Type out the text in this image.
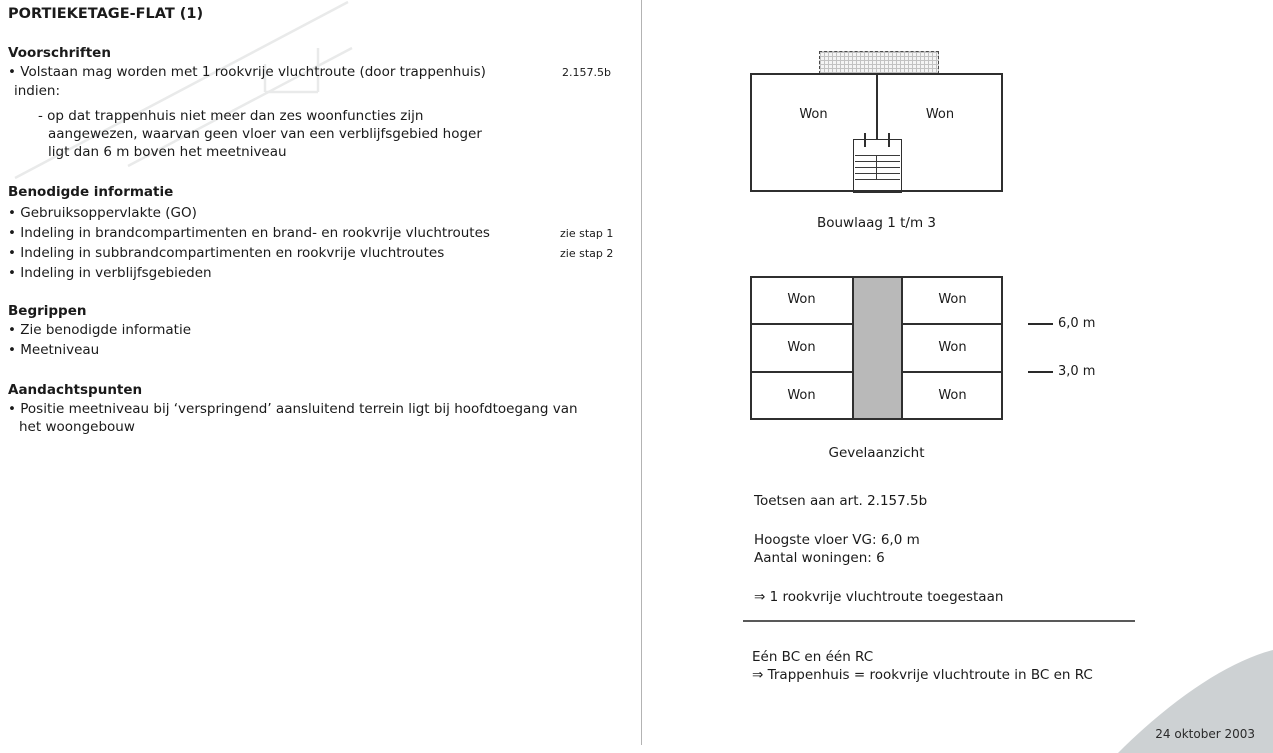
PORTIEKETAGE-FLAT (1)
Voorschriften
• Volstaan mag worden met 1 rookvrije vluchtroute (door trappenhuis)	2.157.5b
indien:
- op dat trappenhuis niet meer dan zes woonfuncties zijn
aangewezen, waarvan geen vloer van een verblijfsgebied hoger
ligt dan 6 m boven het meetniveau
Benodigde informatie
• Gebruiksoppervlakte (GO)
• Indeling in brandcompartimenten en brand- en rookvrije vluchtroutes	zie stap 1
• Indeling in subbrandcompartimenten en rookvrije vluchtroutes	zie stap 2
• Indeling in verblijfsgebieden
Begrippen
• Zie benodigde informatie
• Meetniveau
Aandachtspunten
• Positie meetniveau bij ‘verspringend’ aansluitend terrein ligt bij hoofdtoegang van
het woongebouw
Won	Won
Bouwlaag 1 t/m 3
Won	Won
Won	Won
Won	Won
6,0 m
3,0 m
Gevelaanzicht
Toetsen aan art. 2.157.5b
Hoogste vloer VG: 6,0 m
Aantal woningen: 6
⇒ 1 rookvrije vluchtroute toegestaan
Eén BC en één RC
⇒ Trappenhuis = rookvrije vluchtroute in BC en RC
24 oktober 2003
